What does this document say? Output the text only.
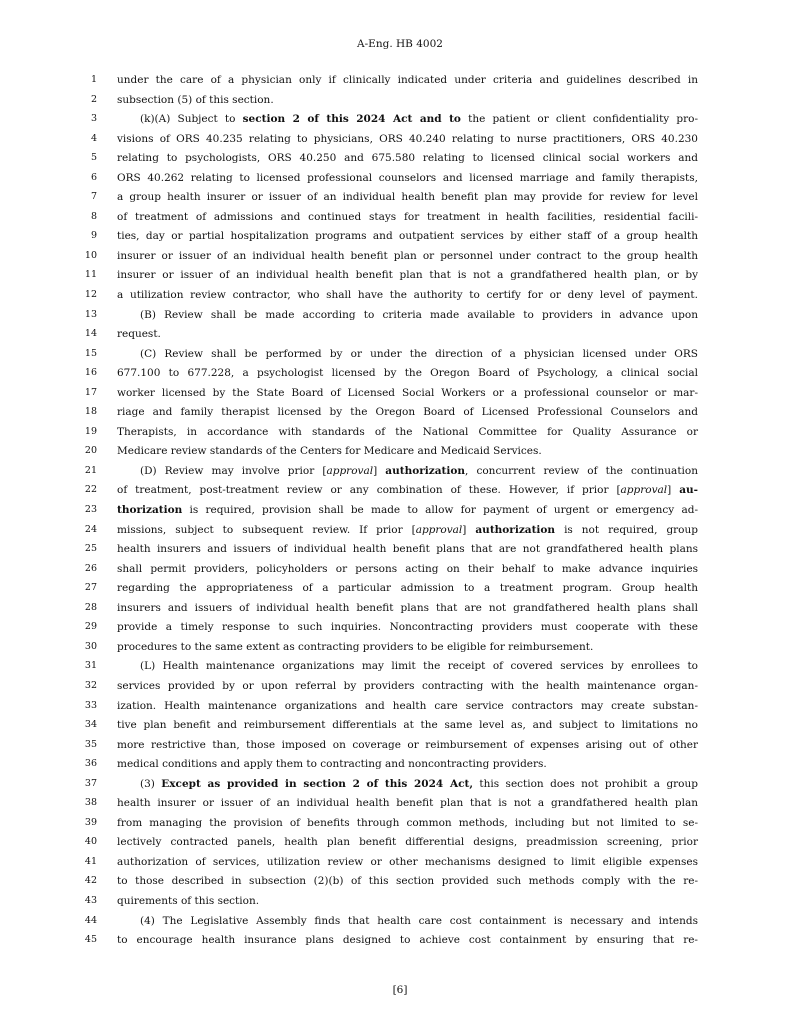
A-Eng. HB 4002
1 under the care of a physician only if clinically indicated under criteria and guidelines described in
2 subsection (5) of this section.
3	(k)(A) Subject to section 2 of this 2024 Act and to the patient or client confidentiality pro-
4 visions of ORS 40.235 relating to physicians, ORS 40.240 relating to nurse practitioners, ORS 40.230
5 relating to psychologists, ORS 40.250 and 675.580 relating to licensed clinical social workers and
6 ORS 40.262 relating to licensed professional counselors and licensed marriage and family therapists,
7 a group health insurer or issuer of an individual health benefit plan may provide for review for level
8 of treatment of admissions and continued stays for treatment in health facilities, residential facili-
9 ties, day or partial hospitalization programs and outpatient services by either staff of a group health
10 insurer or issuer of an individual health benefit plan or personnel under contract to the group health
11 insurer or issuer of an individual health benefit plan that is not a grandfathered health plan, or by
12 a utilization review contractor, who shall have the authority to certify for or deny level of payment.
13	(B) Review shall be made according to criteria made available to providers in advance upon
14 request.
15	(C) Review shall be performed by or under the direction of a physician licensed under ORS
16 677.100 to 677.228, a psychologist licensed by the Oregon Board of Psychology, a clinical social
17 worker licensed by the State Board of Licensed Social Workers or a professional counselor or mar-
18 riage and family therapist licensed by the Oregon Board of Licensed Professional Counselors and
19 Therapists, in accordance with standards of the National Committee for Quality Assurance or
20 Medicare review standards of the Centers for Medicare and Medicaid Services.
21	(D) Review may involve prior [approval] authorization, concurrent review of the continuation
22 of treatment, post-treatment review or any combination of these. However, if prior [approval] au-
23 thorization is required, provision shall be made to allow for payment of urgent or emergency ad-
24 missions, subject to subsequent review. If prior [approval] authorization is not required, group
25 health insurers and issuers of individual health benefit plans that are not grandfathered health plans
26 shall permit providers, policyholders or persons acting on their behalf to make advance inquiries
27 regarding the appropriateness of a particular admission to a treatment program. Group health
28 insurers and issuers of individual health benefit plans that are not grandfathered health plans shall
29 provide a timely response to such inquiries. Noncontracting providers must cooperate with these
30 procedures to the same extent as contracting providers to be eligible for reimbursement.
31	(L) Health maintenance organizations may limit the receipt of covered services by enrollees to
32 services provided by or upon referral by providers contracting with the health maintenance organ-
33 ization. Health maintenance organizations and health care service contractors may create substan-
34 tive plan benefit and reimbursement differentials at the same level as, and subject to limitations no
35 more restrictive than, those imposed on coverage or reimbursement of expenses arising out of other
36 medical conditions and apply them to contracting and noncontracting providers.
37	(3) Except as provided in section 2 of this 2024 Act, this section does not prohibit a group
38 health insurer or issuer of an individual health benefit plan that is not a grandfathered health plan
39 from managing the provision of benefits through common methods, including but not limited to se-
40 lectively contracted panels, health plan benefit differential designs, preadmission screening, prior
41 authorization of services, utilization review or other mechanisms designed to limit eligible expenses
42 to those described in subsection (2)(b) of this section provided such methods comply with the re-
43 quirements of this section.
44	(4) The Legislative Assembly finds that health care cost containment is necessary and intends
45 to encourage health insurance plans designed to achieve cost containment by ensuring that re-
[6]
